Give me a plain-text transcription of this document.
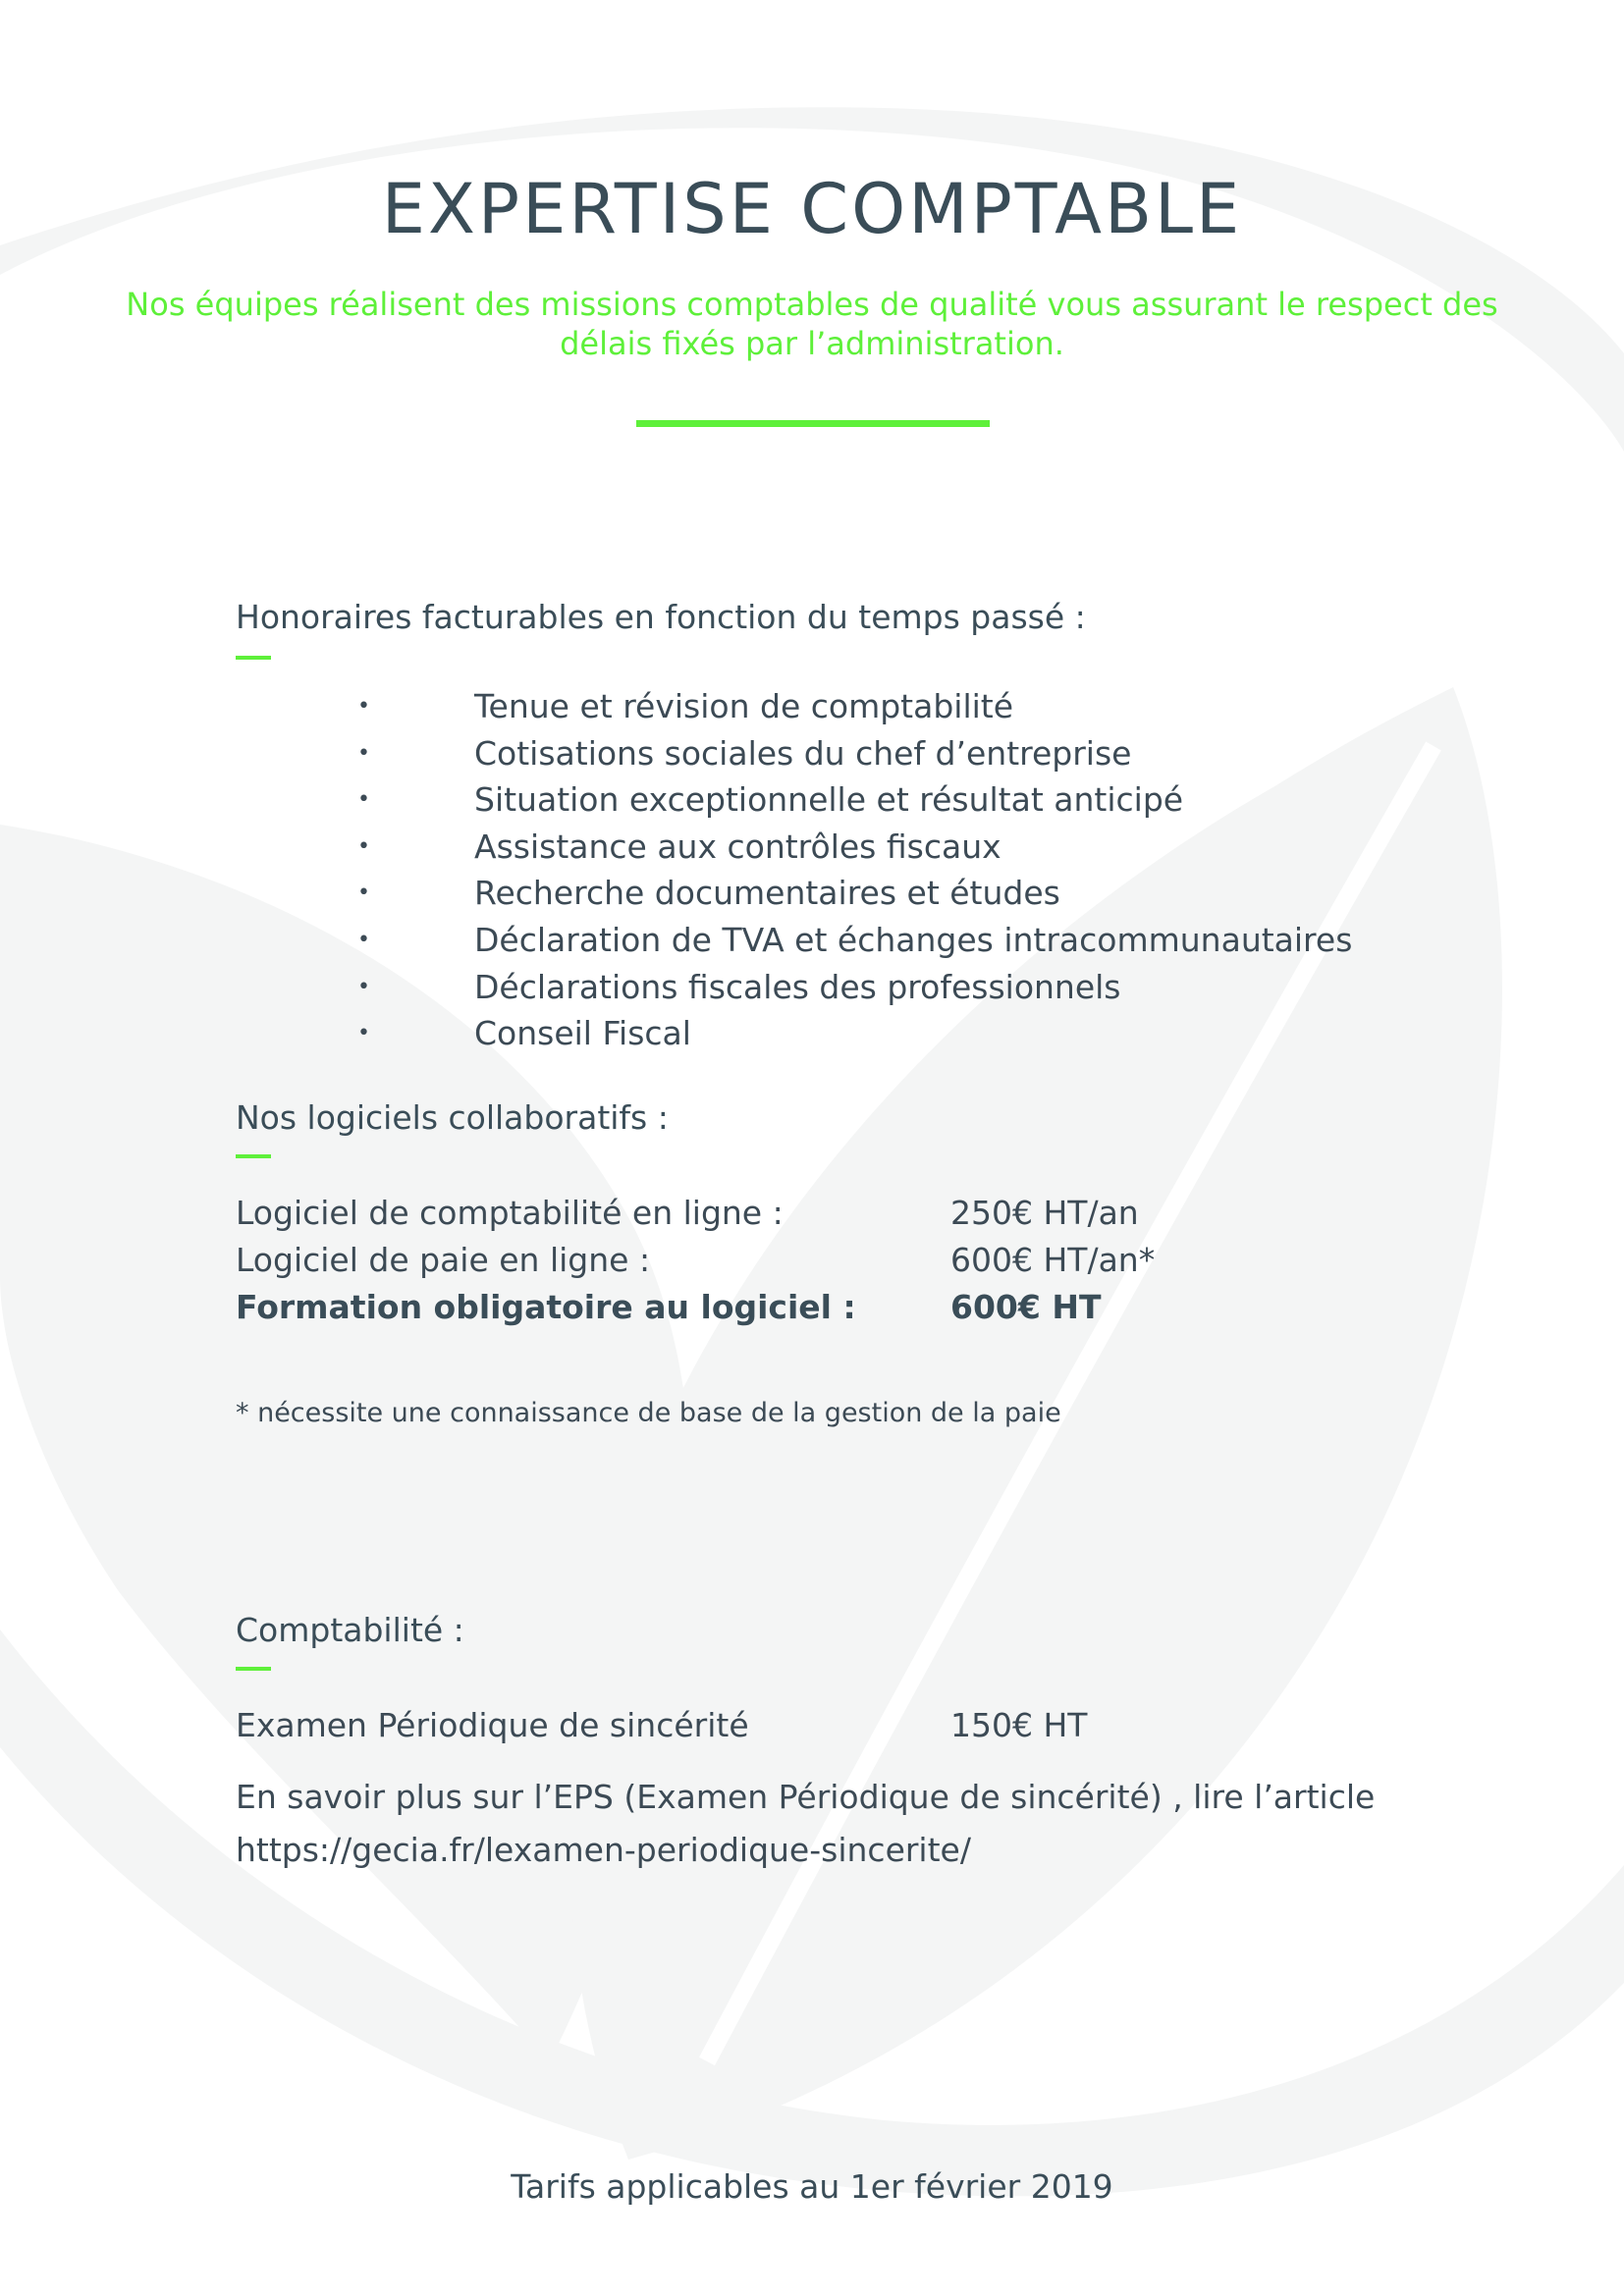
EXPERTISE COMPTABLE
Nos équipes réalisent des missions comptables de qualité vous assurant le respect des
délais fixés par l’administration.
Honoraires facturables en fonction du temps passé :
•	Tenue et révision de comptabilité
•	Cotisations sociales du chef d’entreprise
•	Situation exceptionnelle et résultat anticipé
•	Assistance aux contrôles fiscaux
•	Recherche documentaires et études
•	Déclaration de TVA et échanges intracommunautaires
•	Déclarations fiscales des professionnels
•	Conseil Fiscal
Nos logiciels collaboratifs :
Logiciel de comptabilité en ligne :	250€ HT/an
Logiciel de paie en ligne :	600€ HT/an*
Formation obligatoire au logiciel :	600€ HT
* nécessite une connaissance de base de la gestion de la paie
Comptabilité :
Examen Périodique de sincérité	150€ HT
En savoir plus sur l’EPS (Examen Périodique de sincérité) , lire l’article
https://gecia.fr/lexamen-periodique-sincerite/
Tarifs applicables au 1er février 2019
